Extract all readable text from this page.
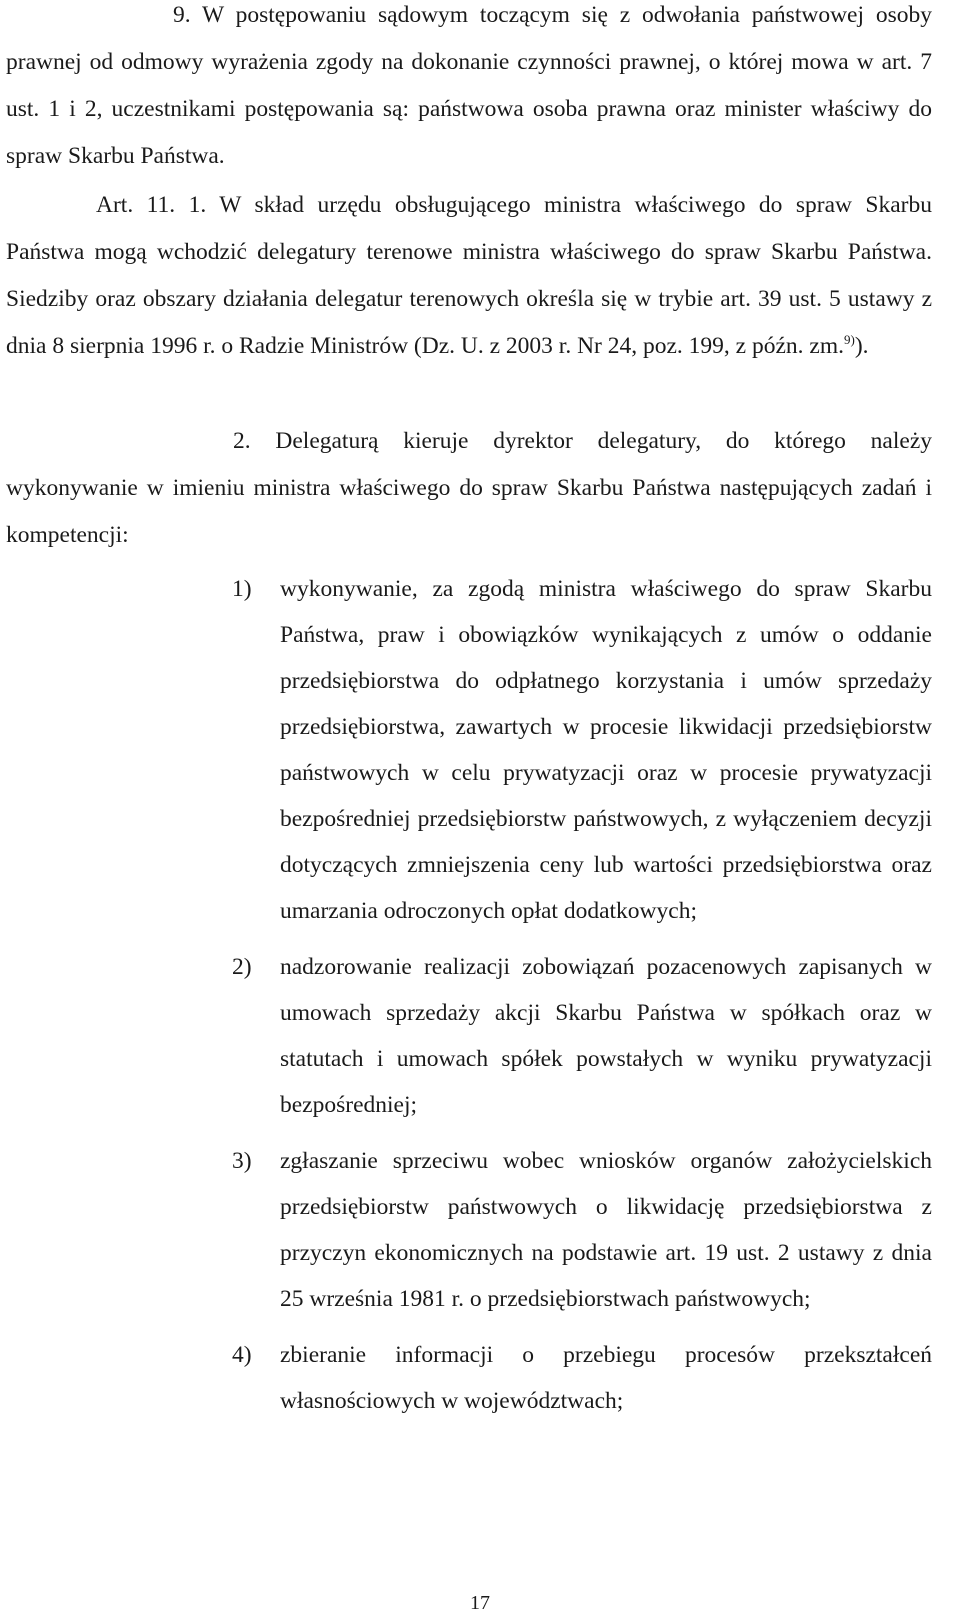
9. W postępowaniu sądowym toczącym się z odwołania państwowej osoby prawnej od odmowy wyrażenia zgody na dokonanie czynności prawnej, o której mowa w art. 7 ust. 1 i 2, uczestnikami postępowania są: państwowa osoba prawna oraz minister właściwy do spraw Skarbu Państwa.

Art. 11. 1. W skład urzędu obsługującego ministra właściwego do spraw Skarbu Państwa mogą wchodzić delegatury terenowe ministra właściwego do spraw Skarbu Państwa. Siedziby oraz obszary działania delegatur terenowych określa się w trybie art. 39 ust. 5 ustawy z dnia 8 sierpnia 1996 r. o Radzie Ministrów (Dz. U. z 2003 r. Nr 24, poz. 199, z późn. zm.$^{9)}$).

2. Delegaturą kieruje dyrektor delegatury, do którego należy wykonywanie w imieniu ministra właściwego do spraw Skarbu Państwa następujących zadań i kompetencji:

1) wykonywanie, za zgodą ministra właściwego do spraw Skarbu Państwa, praw i obowiązków wynikających z umów o oddanie przedsiębiorstwa do odpłatnego korzystania i umów sprzedaży przedsiębiorstwa, zawartych w procesie likwidacji przedsiębiorstw państwowych w celu prywatyzacji oraz w procesie prywatyzacji bezpośredniej przedsiębiorstw państwowych, z wyłączeniem decyzji dotyczących zmniejszenia ceny lub wartości przedsiębiorstwa oraz umarzania odroczonych opłat dodatkowych;
2) nadzorowanie realizacji zobowiązań pozacenowych zapisanych w umowach sprzedaży akcji Skarbu Państwa w spółkach oraz w statutach i umowach spółek powstałych w wyniku prywatyzacji bezpośredniej;
3) zgłaszanie sprzeciwu wobec wniosków organów założycielskich przedsiębiorstw państwowych o likwidację przedsiębiorstwa z przyczyn ekonomicznych na podstawie art. 19 ust. 2 ustawy z dnia 25 września 1981 r. o przedsiębiorstwach państwowych;
4) zbieranie informacji o przebiegu procesów przekształceń własnościowych w województwach;
17
